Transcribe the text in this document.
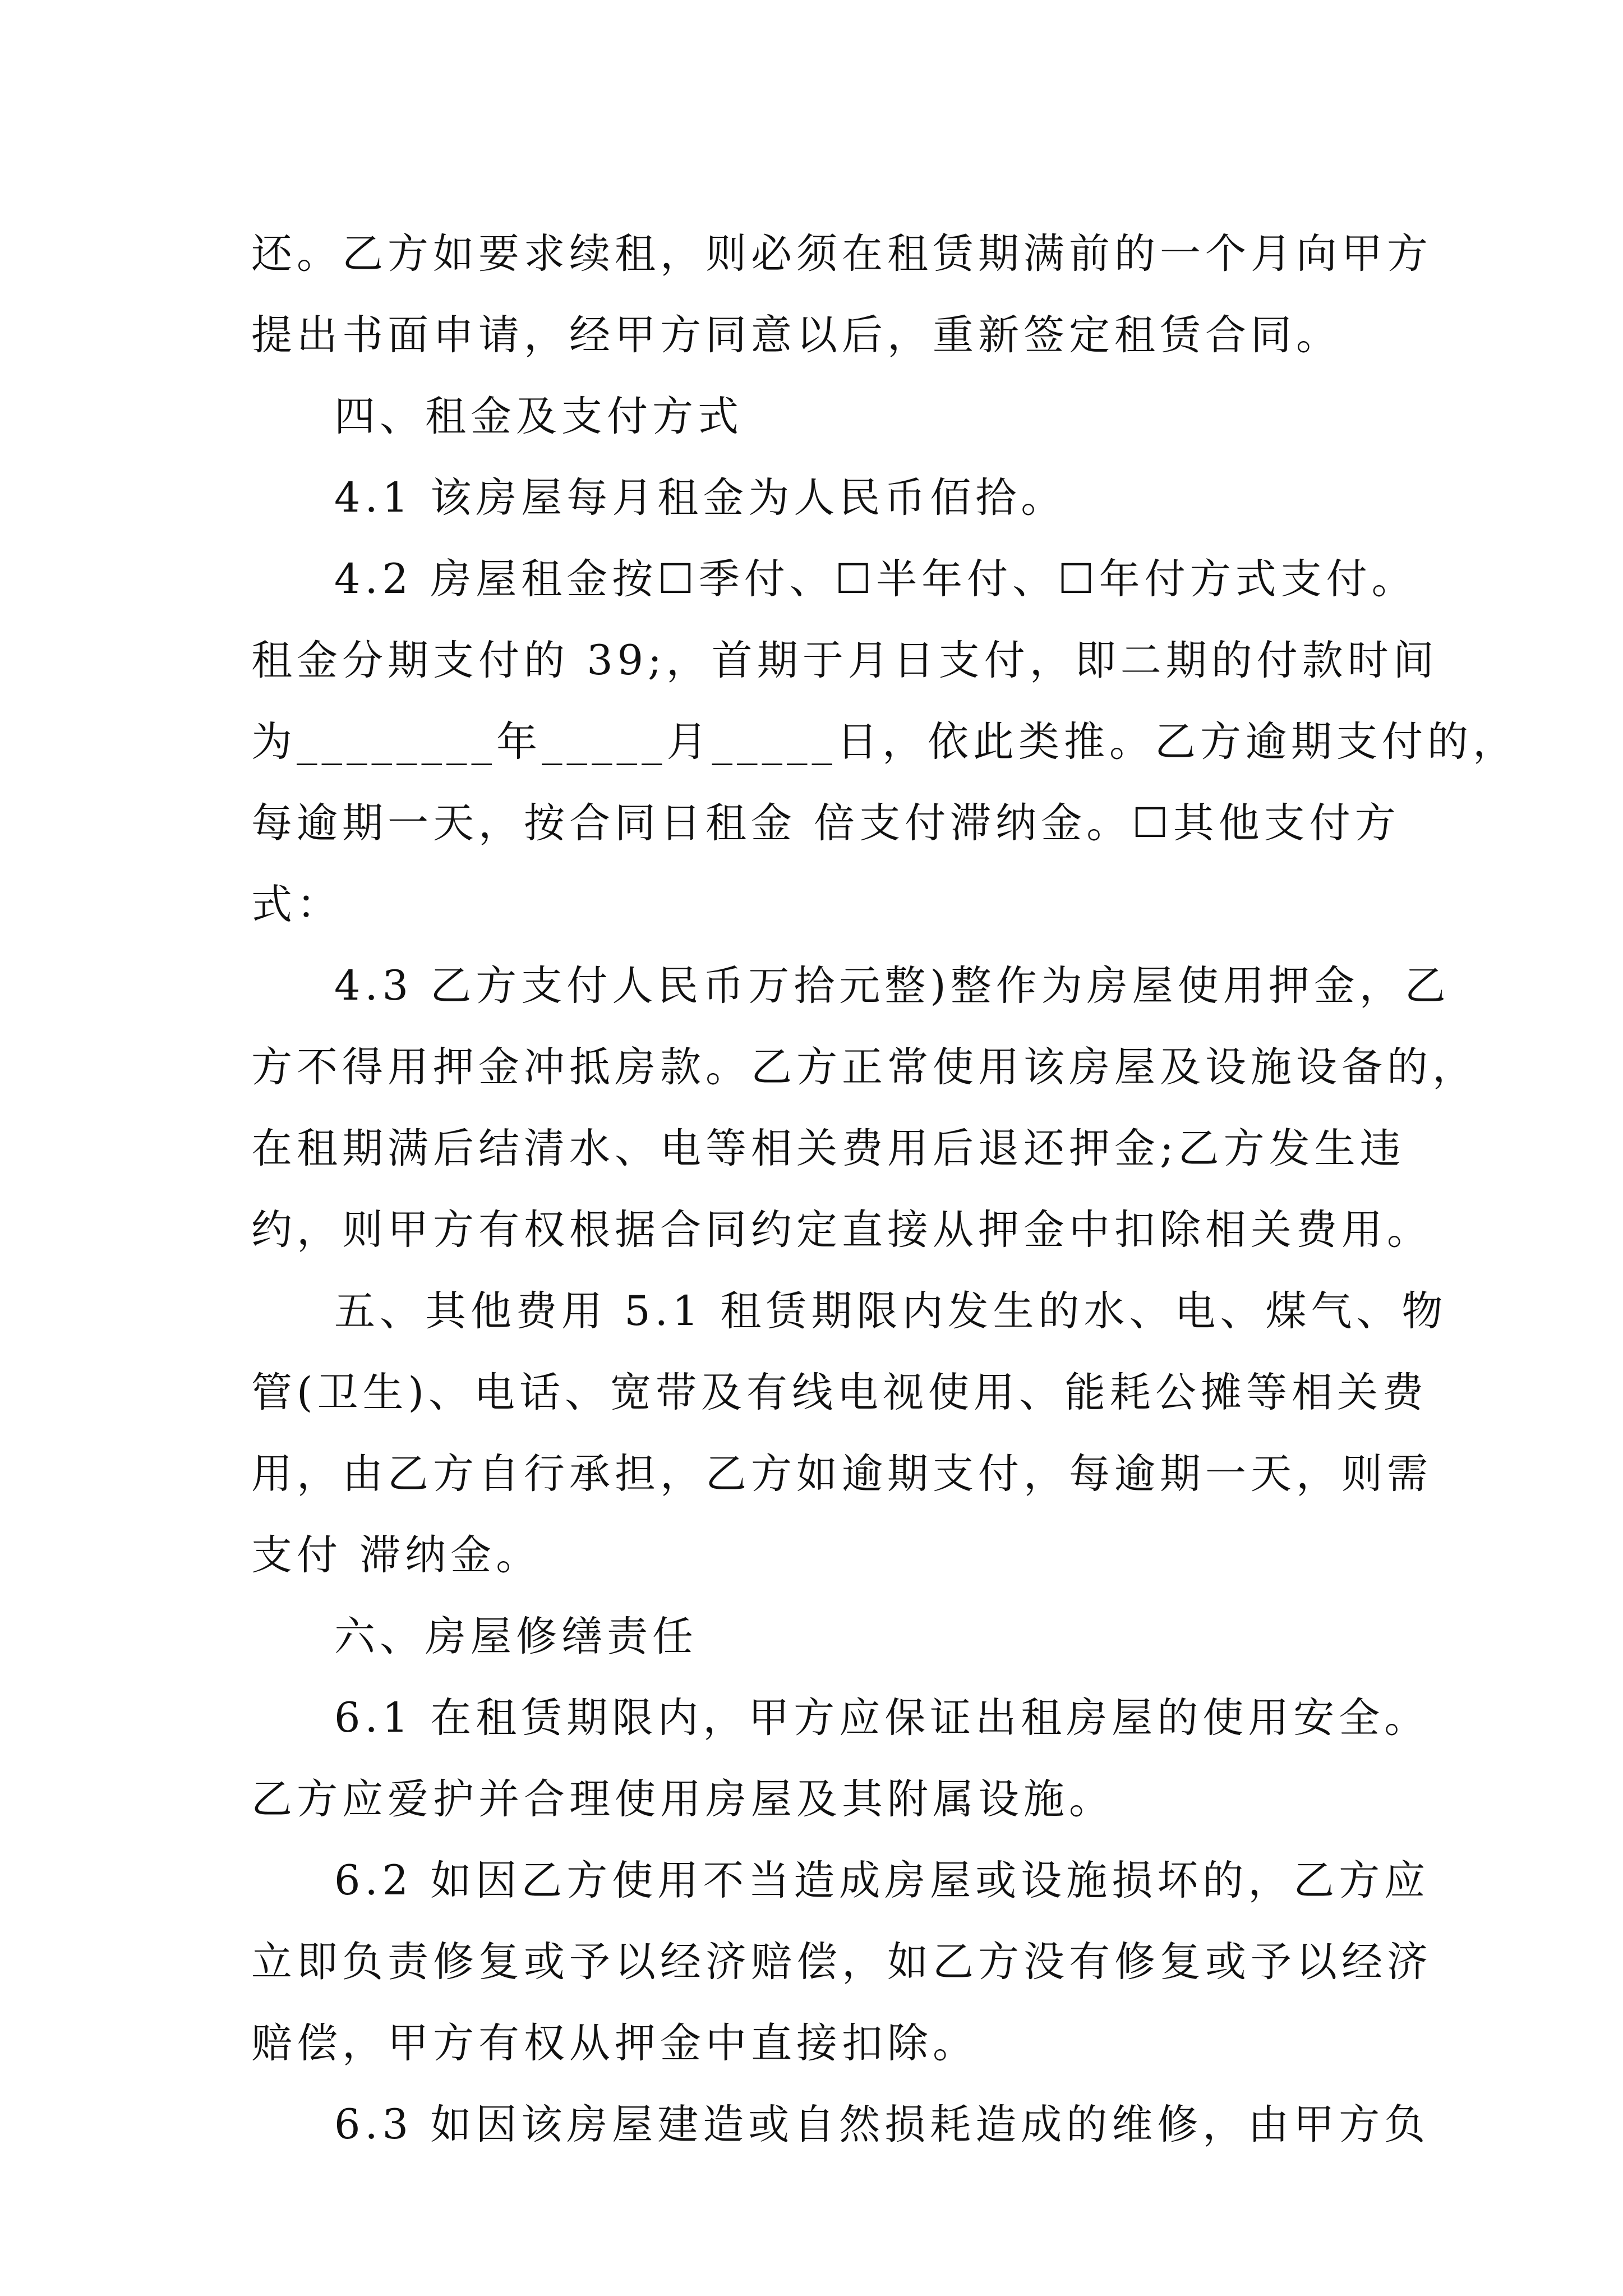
还。乙方如要求续租，则必须在租赁期满前的一个月向甲方
提出书面申请，经甲方同意以后，重新签定租赁合同。
四、租金及支付方式
4.1 该房屋每月租金为人民币佰拾。
4.2 房屋租金按☐季付、☐半年付、☐年付方式支付。
租金分期支付的 39;，首期于月日支付，即二期的付款时间
为________年_____月_____日，依此类推。乙方逾期支付的，
每逾期一天，按合同日租金 倍支付滞纳金。☐其他支付方
式：
4.3 乙方支付人民币万拾元整)整作为房屋使用押金，乙
方不得用押金冲抵房款。乙方正常使用该房屋及设施设备的，
在租期满后结清水、电等相关费用后退还押金;乙方发生违
约，则甲方有权根据合同约定直接从押金中扣除相关费用。
五、其他费用 5.1 租赁期限内发生的水、电、煤气、物
管(卫生)、电话、宽带及有线电视使用、能耗公摊等相关费
用，由乙方自行承担，乙方如逾期支付，每逾期一天，则需
支付 滞纳金。
六、房屋修缮责任
6.1 在租赁期限内，甲方应保证出租房屋的使用安全。
乙方应爱护并合理使用房屋及其附属设施。
6.2 如因乙方使用不当造成房屋或设施损坏的，乙方应
立即负责修复或予以经济赔偿，如乙方没有修复或予以经济
赔偿，甲方有权从押金中直接扣除。
6.3 如因该房屋建造或自然损耗造成的维修，由甲方负
